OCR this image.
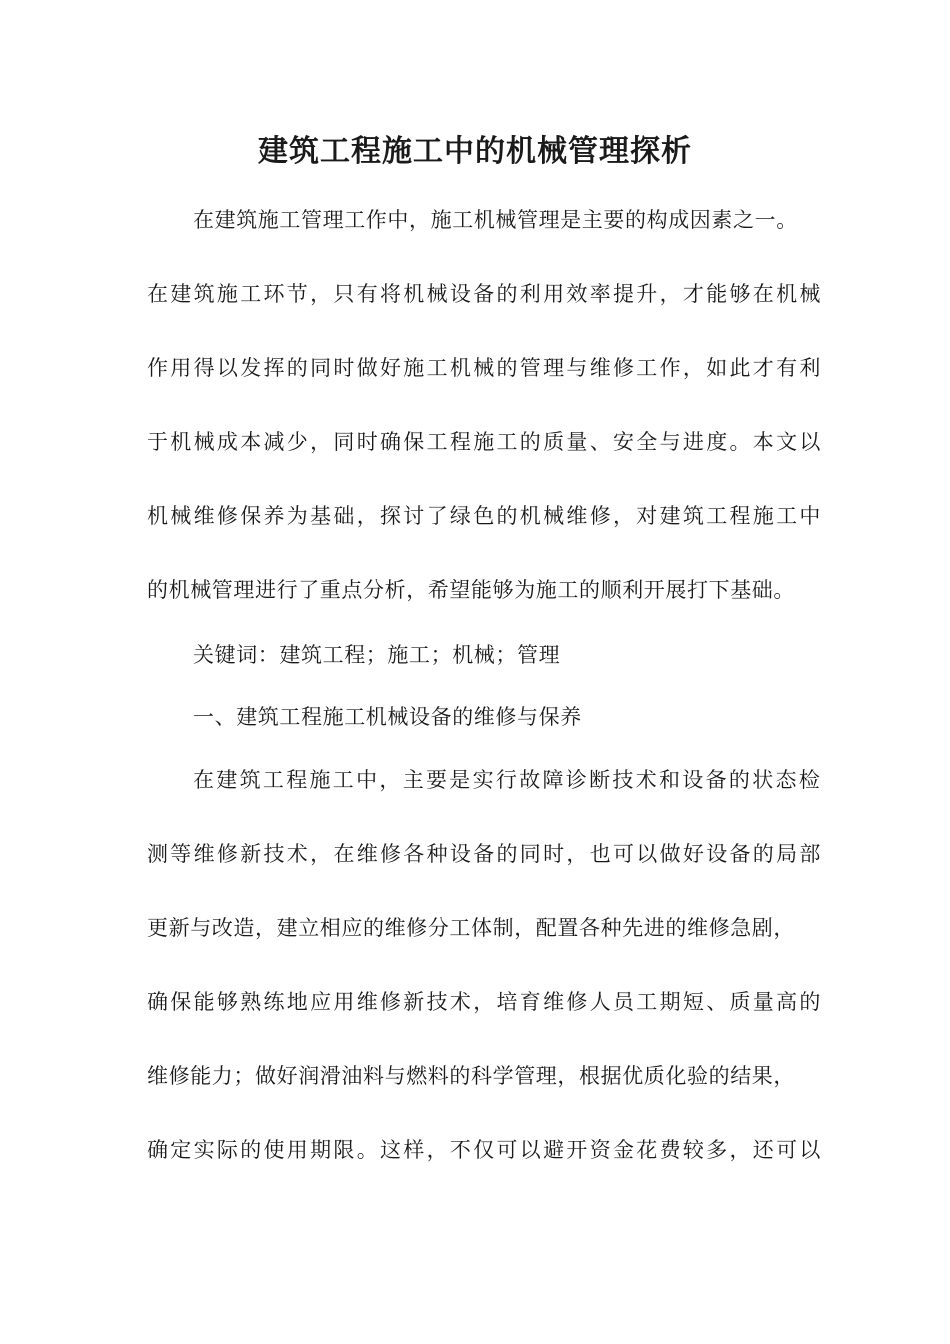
建筑工程施工中的机械管理探析
在建筑施工管理工作中，施工机械管理是主要的构成因素之一。
在建筑施工环节，只有将机械设备的利用效率提升，才能够在机械
作用得以发挥的同时做好施工机械的管理与维修工作，如此才有利
于机械成本减少，同时确保工程施工的质量、安全与进度。本文以
机械维修保养为基础，探讨了绿色的机械维修，对建筑工程施工中
的机械管理进行了重点分析，希望能够为施工的顺利开展打下基础。
关键词：建筑工程；施工；机械；管理
一、建筑工程施工机械设备的维修与保养
在建筑工程施工中，主要是实行故障诊断技术和设备的状态检
测等维修新技术，在维修各种设备的同时，也可以做好设备的局部
更新与改造，建立相应的维修分工体制，配置各种先进的维修急剧，
确保能够熟练地应用维修新技术，培育维修人员工期短、质量高的
维修能力；做好润滑油料与燃料的科学管理，根据优质化验的结果，
确定实际的使用期限。这样，不仅可以避开资金花费较多，还可以
